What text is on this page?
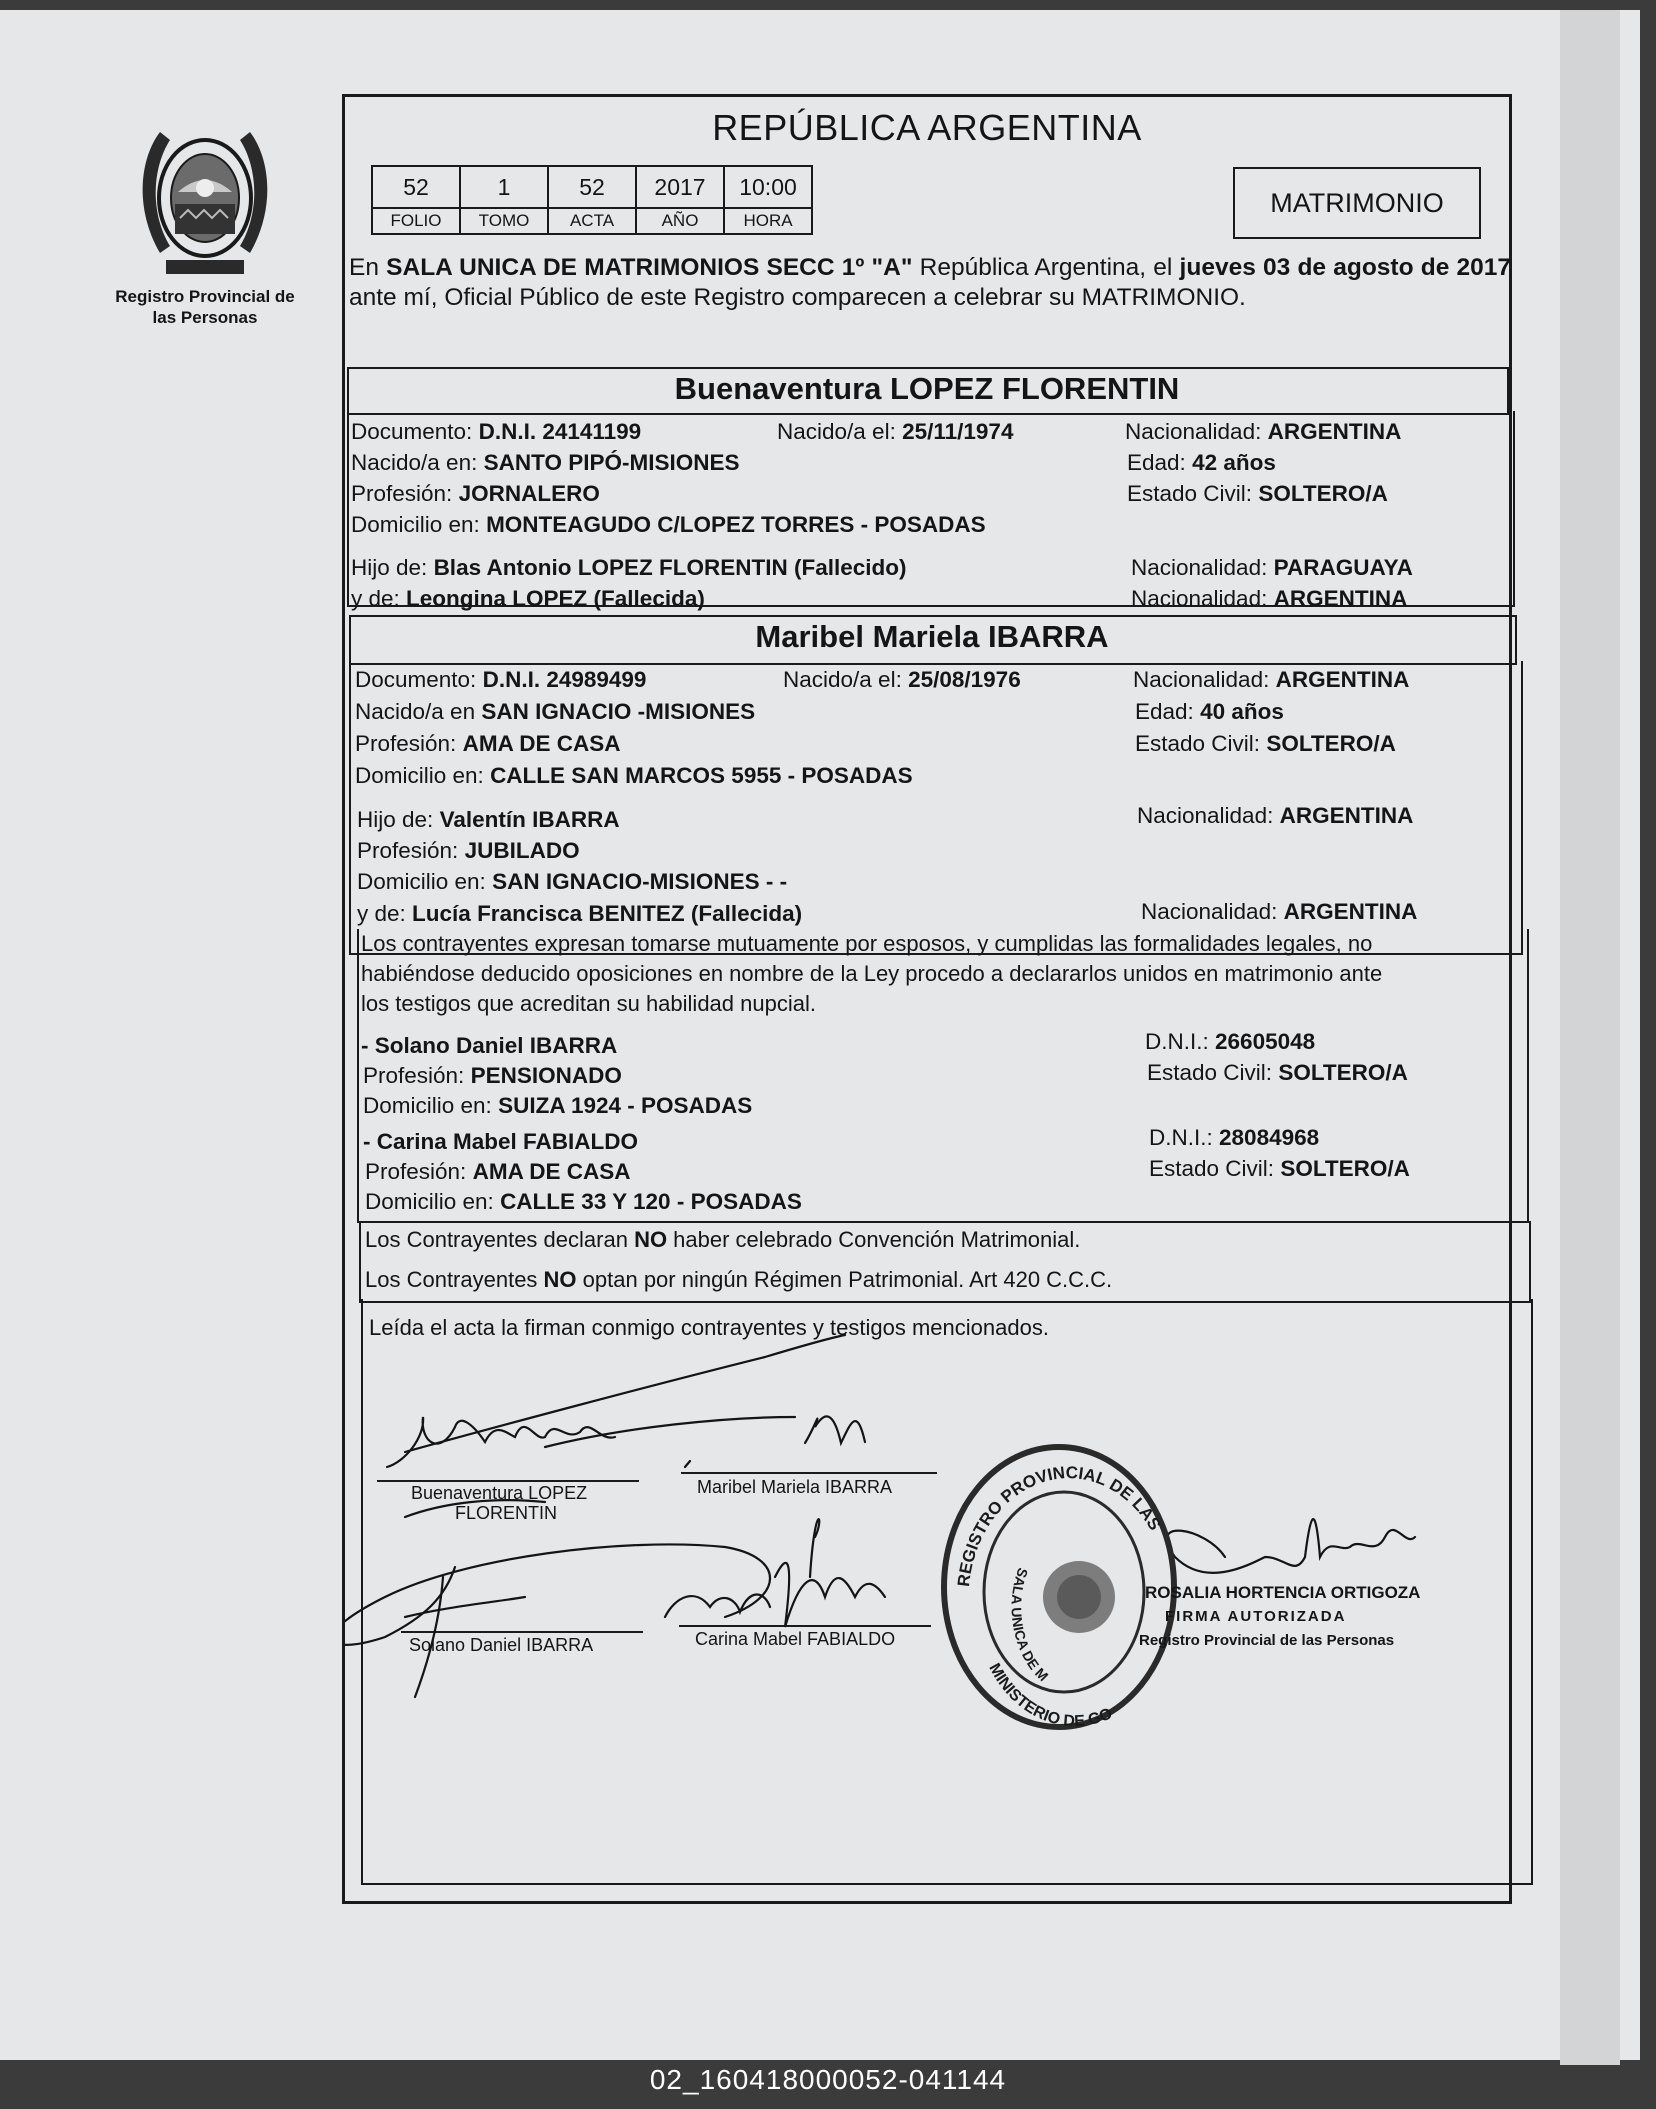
Registro Provincial de las Personas
REPÚBLICA ARGENTINA
52	1	52	2017	10:00
FOLIO	TOMO	ACTA	AÑO	HORA
MATRIMONIO
En SALA UNICA DE MATRIMONIOS SECC 1º "A" República Argentina, el jueves 03 de agosto de 2017 ante mí, Oficial Público de este Registro comparecen a celebrar su MATRIMONIO.
Buenaventura LOPEZ FLORENTIN
Documento: D.N.I. 24141199	Nacido/a el: 25/11/1974	Nacionalidad: ARGENTINA
Nacido/a en: SANTO PIPÓ-MISIONES	Edad: 42 años
Profesión: JORNALERO	Estado Civil: SOLTERO/A
Domicilio en: MONTEAGUDO C/LOPEZ TORRES - POSADAS
Hijo de: Blas Antonio LOPEZ FLORENTIN (Fallecido)	Nacionalidad: PARAGUAYA
y de: Leongina LOPEZ (Fallecida)	Nacionalidad: ARGENTINA
Maribel Mariela IBARRA
Documento: D.N.I. 24989499	Nacido/a el: 25/08/1976	Nacionalidad: ARGENTINA
Nacido/a en SAN IGNACIO -MISIONES	Edad: 40 años
Profesión: AMA DE CASA	Estado Civil: SOLTERO/A
Domicilio en: CALLE SAN MARCOS 5955 - POSADAS
Hijo de: Valentín IBARRA	Nacionalidad: ARGENTINA
Profesión: JUBILADO
Domicilio en: SAN IGNACIO-MISIONES - -
y de: Lucía Francisca BENITEZ (Fallecida)	Nacionalidad: ARGENTINA
Los contrayentes expresan tomarse mutuamente por esposos, y cumplidas las formalidades legales, no
habiéndose deducido oposiciones en nombre de la Ley procedo a declararlos unidos en matrimonio ante
los testigos que acreditan su habilidad nupcial.
- Solano Daniel IBARRA	D.N.I.: 26605048
Profesión: PENSIONADO	Estado Civil: SOLTERO/A
Domicilio en: SUIZA 1924 - POSADAS
- Carina Mabel FABIALDO	D.N.I.: 28084968
Profesión: AMA DE CASA	Estado Civil: SOLTERO/A
Domicilio en: CALLE 33 Y 120 - POSADAS
Los Contrayentes declaran NO haber celebrado Convención Matrimonial.
Los Contrayentes NO optan por ningún Régimen Patrimonial. Art 420 C.C.C.
Leída el acta la firman conmigo contrayentes y testigos mencionados.
Buenaventura LOPEZ
FLORENTIN
Maribel Mariela IBARRA
Solano Daniel IBARRA	Carina Mabel FABIALDO
REGISTRO PROVINCIAL DE LAS
MINISTERIO DE GO
SALA UNICA DE M
ROSALIA HORTENCIA ORTIGOZA
FIRMA AUTORIZADA
Registro Provincial de las Personas
02_160418000052-041144
